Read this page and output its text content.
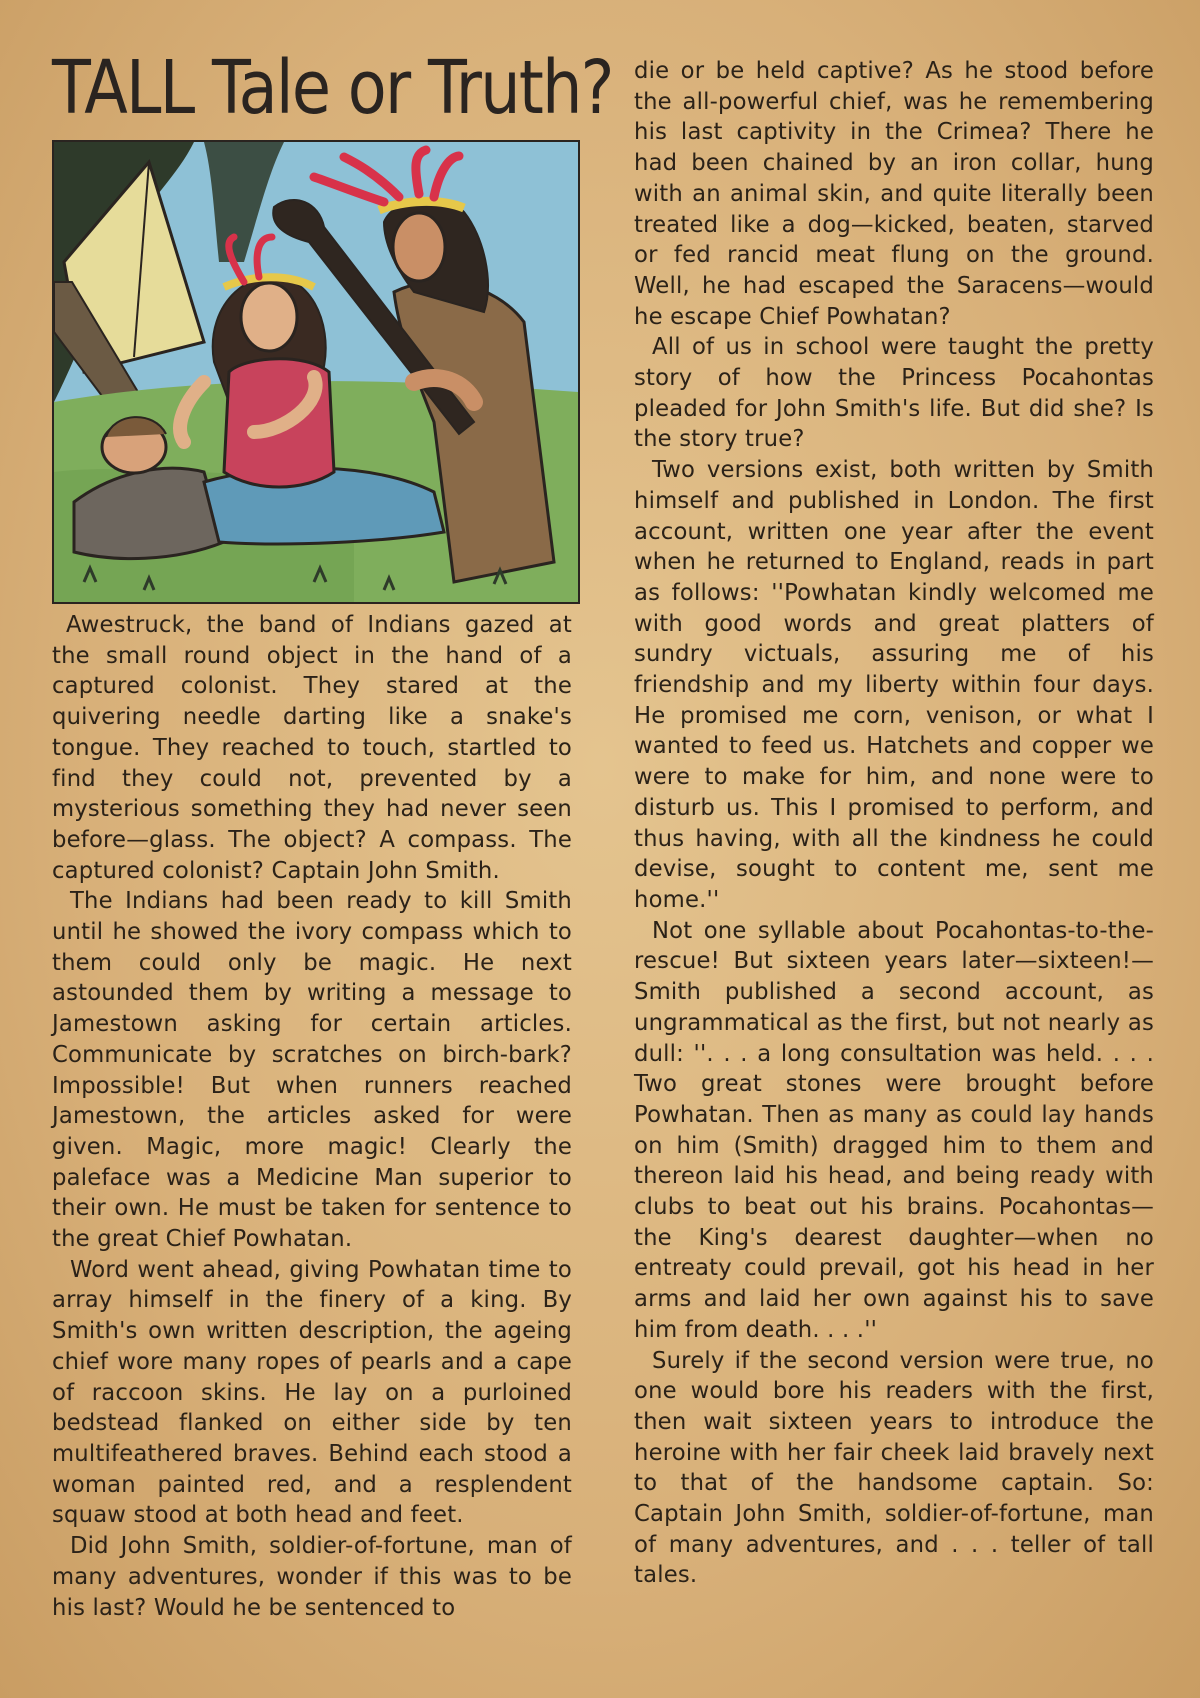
TALL Tale or Truth?

Awestruck, the band of Indians gazed at the small round object in the hand of a captured colonist. They stared at the quivering needle darting like a snake's tongue. They reached to touch, startled to find they could not, prevented by a mysterious something they had never seen before—glass. The object? A compass. The captured colonist? Captain John Smith.

The Indians had been ready to kill Smith until he showed the ivory compass which to them could only be magic. He next astounded them by writing a message to Jamestown asking for certain articles. Communicate by scratches on birch-bark? Impossible! But when runners reached Jamestown, the articles asked for were given. Magic, more magic! Clearly the paleface was a Medicine Man superior to their own. He must be taken for sentence to the great Chief Powhatan.

Word went ahead, giving Powhatan time to array himself in the finery of a king. By Smith's own written description, the ageing chief wore many ropes of pearls and a cape of raccoon skins. He lay on a purloined bedstead flanked on either side by ten multifeathered braves. Behind each stood a woman painted red, and a resplendent squaw stood at both head and feet.

Did John Smith, soldier-of-fortune, man of many adventures, wonder if this was to be his last? Would he be sentenced to

die or be held captive? As he stood before the all-powerful chief, was he remembering his last captivity in the Crimea? There he had been chained by an iron collar, hung with an animal skin, and quite literally been treated like a dog—kicked, beaten, starved or fed rancid meat flung on the ground. Well, he had escaped the Saracens—would he escape Chief Powhatan?

All of us in school were taught the pretty story of how the Princess Pocahontas pleaded for John Smith's life. But did she? Is the story true?

Two versions exist, both written by Smith himself and published in London. The first account, written one year after the event when he returned to England, reads in part as follows: ''Powhatan kindly welcomed me with good words and great platters of sundry victuals, assuring me of his friendship and my liberty within four days. He promised me corn, venison, or what I wanted to feed us. Hatchets and copper we were to make for him, and none were to disturb us. This I promised to perform, and thus having, with all the kindness he could devise, sought to content me, sent me home.''

Not one syllable about Pocahontas-to-the-rescue! But sixteen years later—sixteen!—Smith published a second account, as ungrammatical as the first, but not nearly as dull: ''. . . a long consultation was held. . . . Two great stones were brought before Powhatan. Then as many as could lay hands on him (Smith) dragged him to them and thereon laid his head, and being ready with clubs to beat out his brains. Pocahontas—the King's dearest daughter—when no entreaty could prevail, got his head in her arms and laid her own against his to save him from death. . . .''

Surely if the second version were true, no one would bore his readers with the first, then wait sixteen years to introduce the heroine with her fair cheek laid bravely next to that of the handsome captain. So: Captain John Smith, soldier-of-fortune, man of many adventures, and . . . teller of tall tales.
